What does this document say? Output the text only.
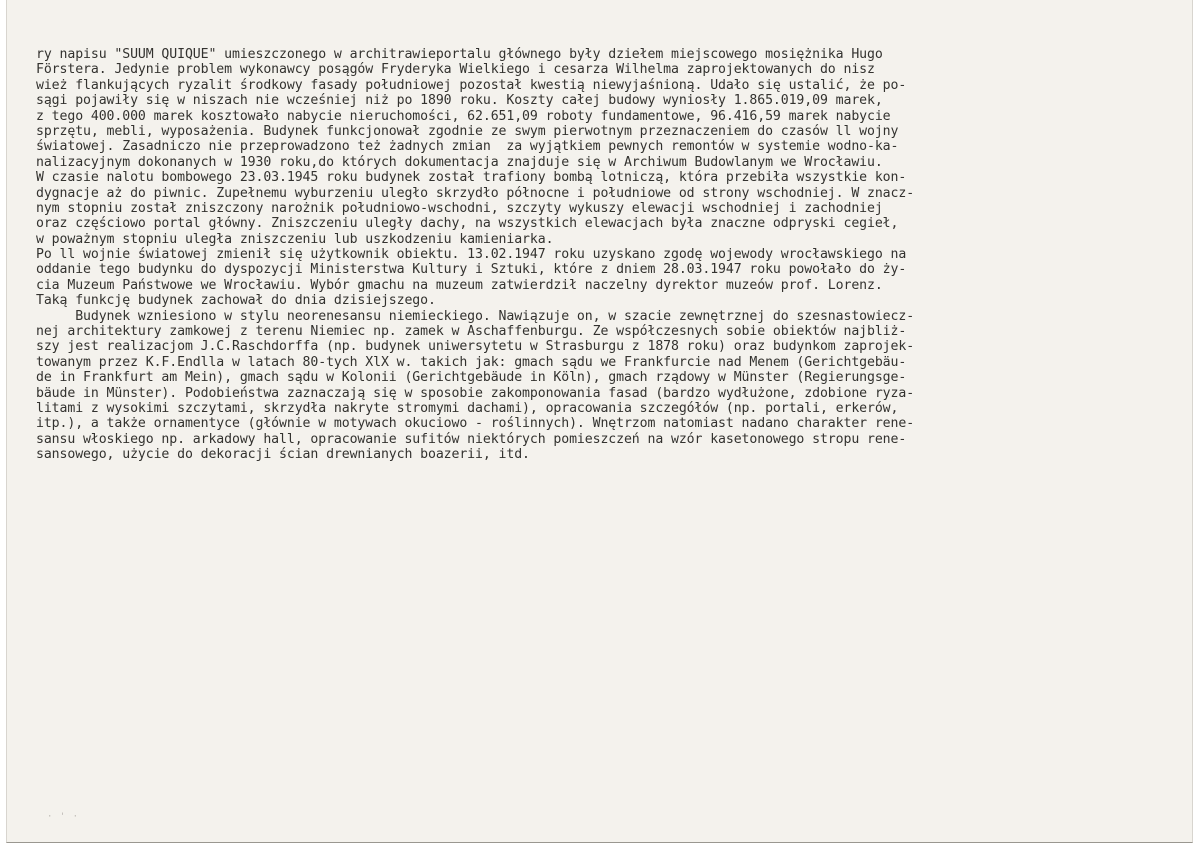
ry napisu "SUUM QUIQUE" umieszczonego w architrawieportalu głównego były dziełem miejscowego mosiężnika Hugo
Försterа. Jedynie problem wykonawcy posągów Fryderyka Wielkiego i cesarza Wilhelma zaprojektowanych do nisz
wież flankujących ryzalit środkowy fasady południowej pozostał kwestią niewyjaśnioną. Udało się ustalić, że po-
sągi pojawiły się w niszach nie wcześniej niż po 1890 roku. Koszty całej budowy wyniosły 1.865.019,09 marek,
z tego 400.000 marek kosztowało nabycie nieruchomości, 62.651,09 roboty fundamentowe, 96.416,59 marek nabycie
sprzętu, mebli, wyposażenia. Budynek funkcjonował zgodnie ze swym pierwotnym przeznaczeniem do czasów ll wojny
światowej. Zasadniczo nie przeprowadzono też żadnych zmian  za wyjątkiem pewnych remontów w systemie wodno-ka-
nalizacyjnym dokonanych w 1930 roku,do których dokumentacja znajduje się w Archiwum Budowlanym we Wrocławiu.
W czasie nalotu bombowego 23.03.1945 roku budynek został trafiony bombą lotniczą, która przebiła wszystkie kon-
dygnacje aż do piwnic. Zupełnemu wyburzeniu uległo skrzydło północne i południowe od strony wschodniej. W znacz-
nym stopniu został zniszczony narożnik południowo-wschodni, szczyty wykuszy elewacji wschodniej i zachodniej
oraz częściowo portal główny. Zniszczeniu uległy dachy, na wszystkich elewacjach była znaczne odpryski cegieł,
w poważnym stopniu uległa zniszczeniu lub uszkodzeniu kamieniarka.
Po ll wojnie światowej zmienił się użytkownik obiektu. 13.02.1947 roku uzyskano zgodę wojewody wrocławskiego na
oddanie tego budynku do dyspozycji Ministerstwa Kultury i Sztuki, które z dniem 28.03.1947 roku powołało do ży-
cia Muzeum Państwowe we Wrocławiu. Wybór gmachu na muzeum zatwierdził naczelny dyrektor muzeów prof. Lorenz.
Taką funkcję budynek zachował do dnia dzisiejszego.
Budynek wzniesiono w stylu neorenesansu niemieckiego. Nawiązuje on, w szacie zewnętrznej do szesnastowiecz-
nej architektury zamkowej z terenu Niemiec np. zamek w Aschaffenburgu. Ze współczesnych sobie obiektów najbliż-
szy jest realizacjom J.C.Raschdorffa (np. budynek uniwersytetu w Strasburgu z 1878 roku) oraz budynkom zaprojek-
towanym przez K.F.Endlla w latach 80-tych XlX w. takich jak: gmach sądu we Frankfurcie nad Menem (Gerichtgebäu-
de in Frankfurt am Mein), gmach sądu w Kolonii (Gerichtgebäude in Köln), gmach rządowy w Münster (Regierungsge-
bäude in Münster). Podobieństwa zaznaczają się w sposobie zakomponowania fasad (bardzo wydłużone, zdobione ryza-
litami z wysokimi szczytami, skrzydła nakryte stromymi dachami), opracowania szczegółów (np. portali, erkerów,
itp.), a także ornamentyce (głównie w motywach okuciowo - roślinnych). Wnętrzom natomiast nadano charakter rene-
sansu włoskiego np. arkadowy hall, opracowanie sufitów niektórych pomieszczeń na wzór kasetonowego stropu rene-
sansowego, użycie do dekoracji ścian drewnianych boazerii, itd.
· ' ·
